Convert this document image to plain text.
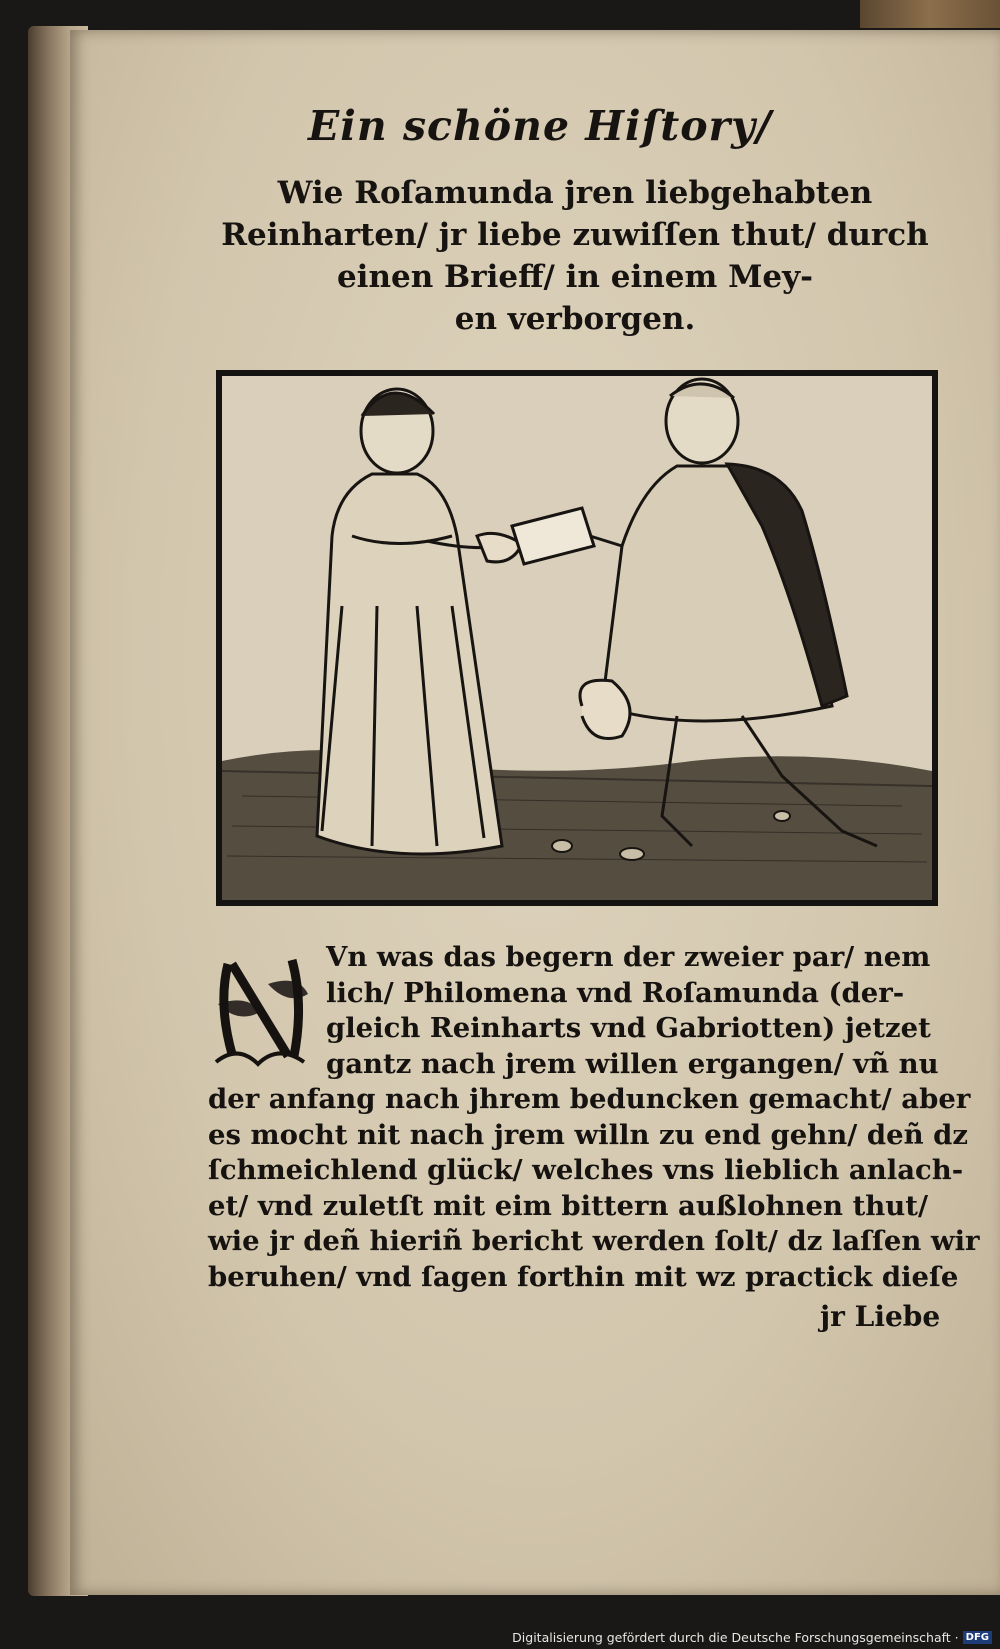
Ein schöne Hiſtory/
Wie Roſamunda jren liebgehabten
Reinharten/ jr liebe zuwiſſen thut/ durch
einen Brieff/ in einem Mey-
en verborgen.
N
Vn was das begern der zweier par/ nem
lich/ Philomena vnd Roſamunda (der-
gleich Reinharts vnd Gabriotten) jetzet
gantz nach jrem willen ergangen/ vñ nu
der anfang nach jhrem beduncken gemacht/ aber
es mocht nit nach jrem willn zu end gehn/ deñ dz
ſchmeichlend glück/ welches vns lieblich anlach-
et/ vnd zuletſt mit eim bittern außlohnen thut/
wie jr deñ hieriñ bericht werden ſolt/ dz laſſen wir
beruhen/ vnd ſagen forthin mit wz practick dieſe
jr Liebe
Digitalisierung gefördert durch die Deutsche Forschungsgemeinschaft · DFG
